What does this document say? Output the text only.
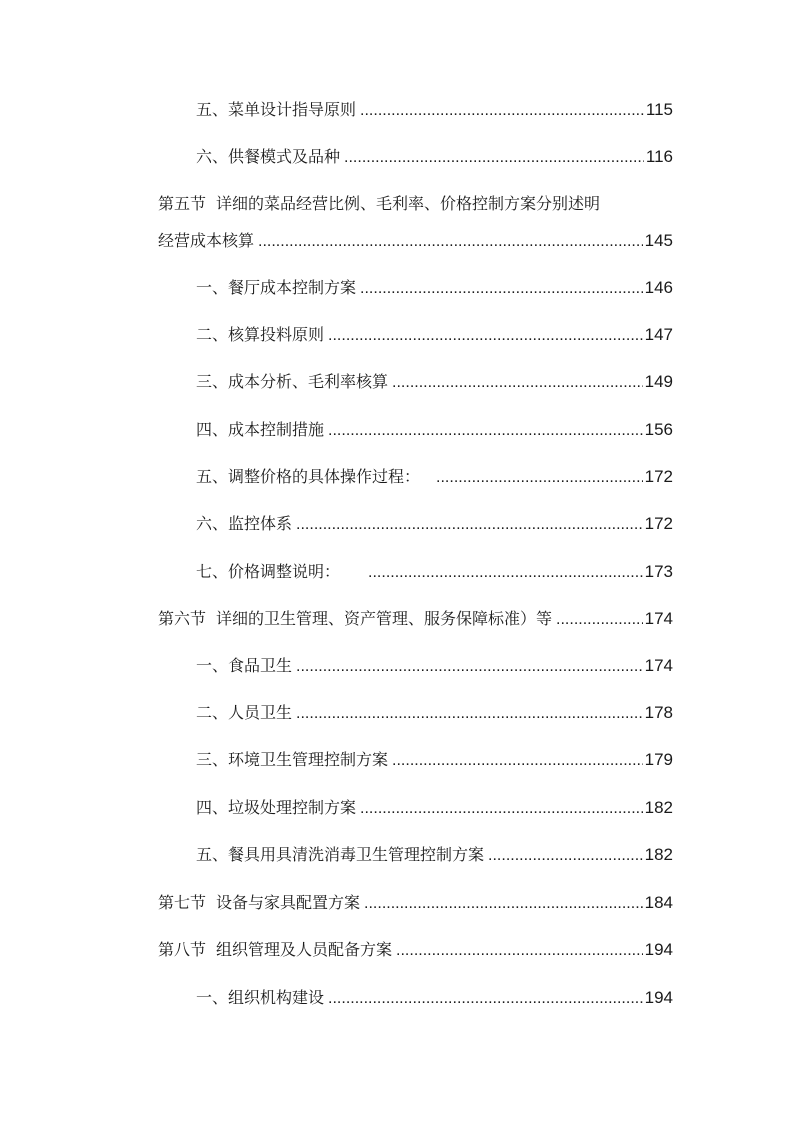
五、 菜单设计指导原则 .....	115
六、 供餐模式及品种 .....	116
第五节 详细的菜品经营比例、毛利率、价格控制方案分别述明
经营成本核算 .....	145
一、 餐厅成本控制方案 .....	146
二、 核算投料原则 .....	147
三、 成本分析、毛利率核算 .....	149
四、 成本控制措施 .....	156
五、 调整价格的具体操作过程： .....	172
六、 监控体系 .....	172
七、 价格调整说明： .....	173
第六节 详细的卫生管理、资产管理、服务保障标准）等 .....	174
一、 食品卫生 .....	174
二、 人员卫生 .....	178
三、 环境卫生管理控制方案 .....	179
四、 垃圾处理控制方案 .....	182
五、 餐具用具清洗消毒卫生管理控制方案 .....	182
第七节 设备与家具配置方案 .....	184
第八节 组织管理及人员配备方案 .....	194
一、 组织机构建设 .....	194
